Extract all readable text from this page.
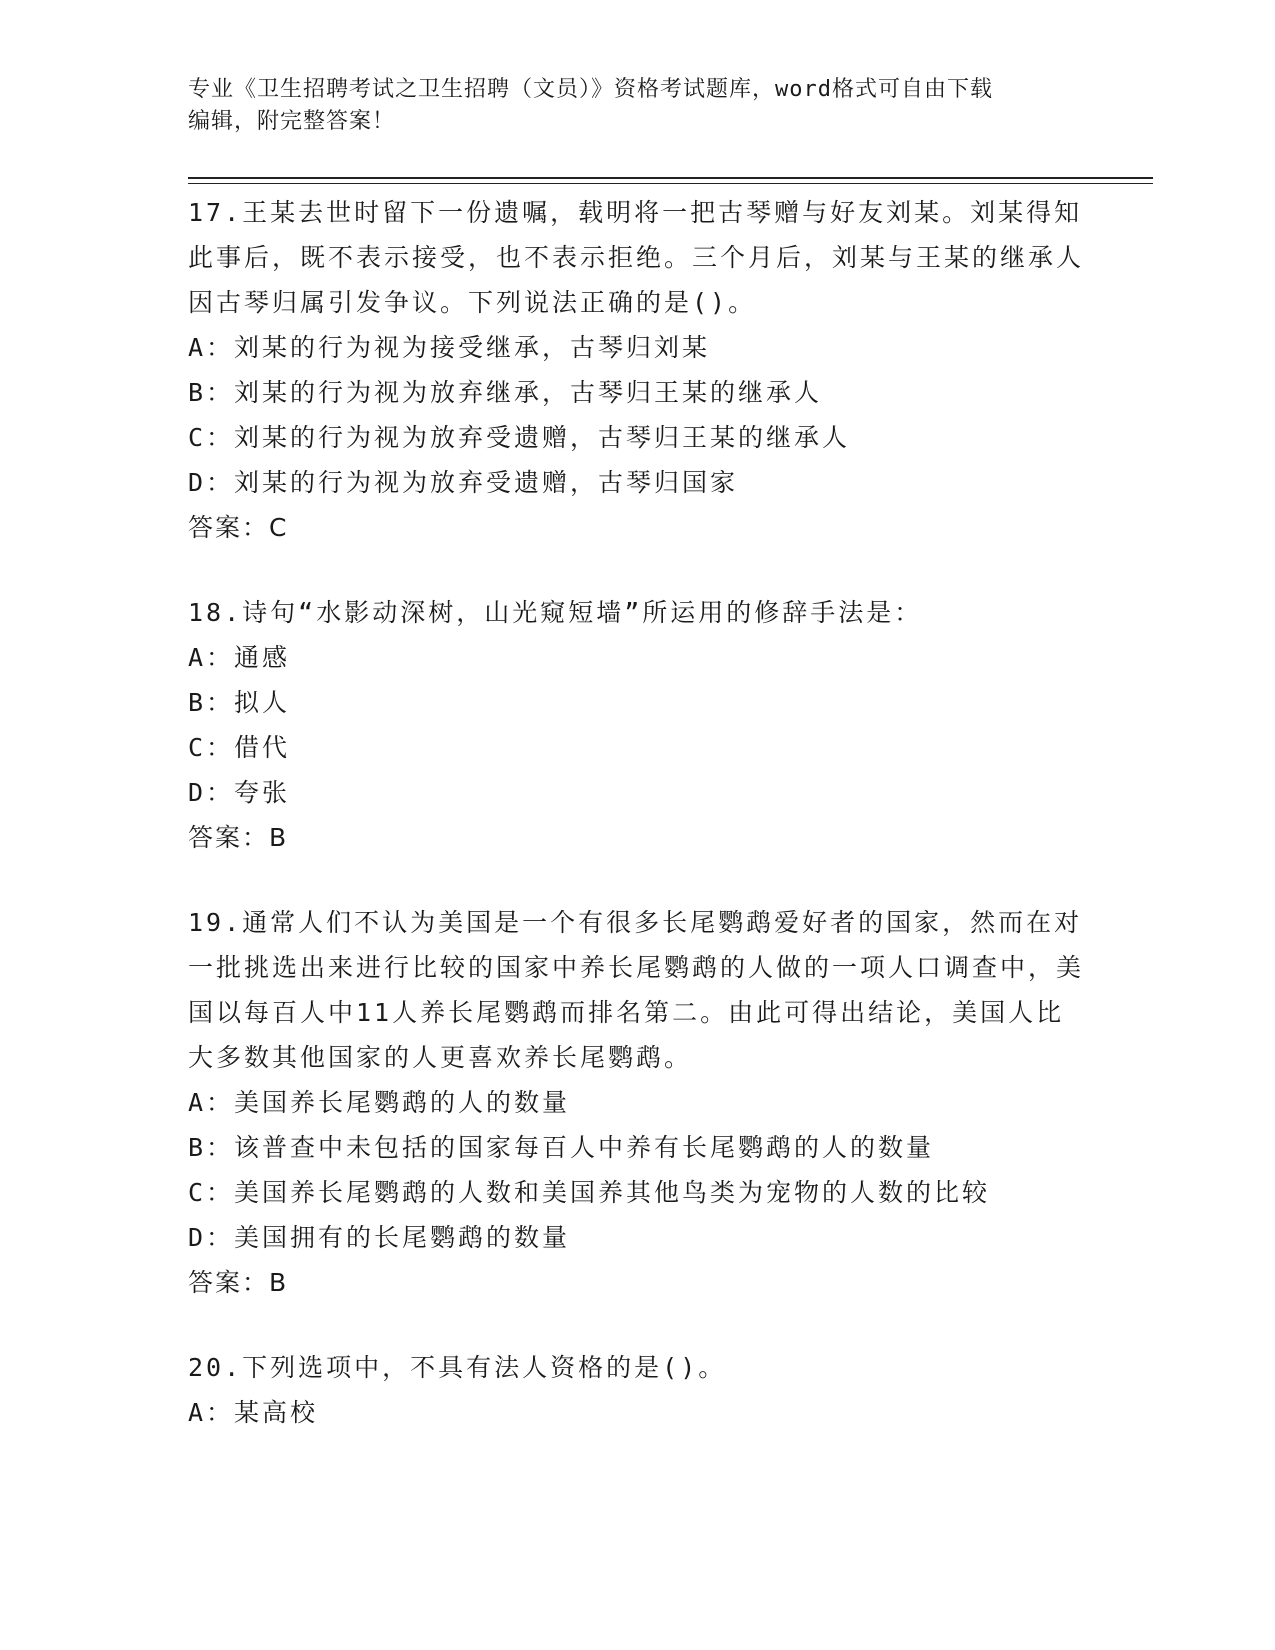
专业《卫生招聘考试之卫生招聘（文员）》资格考试题库，word格式可自由下载
编辑，附完整答案！

17.王某去世时留下一份遗嘱，载明将一把古琴赠与好友刘某。刘某得知此事后，既不表示接受，也不表示拒绝。三个月后，刘某与王某的继承人因古琴归属引发争议。下列说法正确的是()。

A：刘某的行为视为接受继承，古琴归刘某

B：刘某的行为视为放弃继承，古琴归王某的继承人

C：刘某的行为视为放弃受遗赠，古琴归王某的继承人

D：刘某的行为视为放弃受遗赠，古琴归国家

答案：C

18.诗句“水影动深树，山光窥短墙”所运用的修辞手法是：

A：通感

B：拟人

C：借代

D：夸张

答案：B

19.通常人们不认为美国是一个有很多长尾鹦鹉爱好者的国家，然而在对一批挑选出来进行比较的国家中养长尾鹦鹉的人做的一项人口调查中，美国以每百人中11人养长尾鹦鹉而排名第二。由此可得出结论，美国人比大多数其他国家的人更喜欢养长尾鹦鹉。

A：美国养长尾鹦鹉的人的数量

B：该普查中未包括的国家每百人中养有长尾鹦鹉的人的数量

C：美国养长尾鹦鹉的人数和美国养其他鸟类为宠物的人数的比较

D：美国拥有的长尾鹦鹉的数量

答案：B

20.下列选项中，不具有法人资格的是()。

A：某高校
